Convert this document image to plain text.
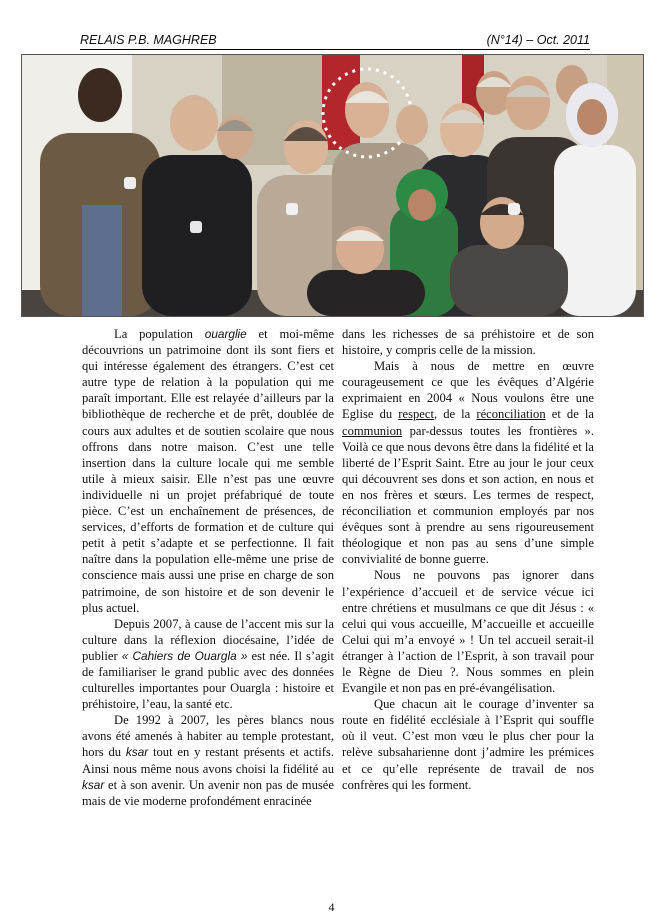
RELAIS P.B. MAGHREB	(N°14) – Oct. 2011

La population ouarglie et moi-même découvrions un patrimoine dont ils sont fiers et qui intéresse également des étrangers. C’est cet autre type de relation à la population qui me paraît important. Elle est relayée d’ailleurs par la bibliothèque de recherche et de prêt, doublée de cours aux adultes et de soutien scolaire que nous offrons dans notre maison. C’est une telle insertion dans la culture locale qui me semble utile à mieux saisir. Elle n’est pas une œuvre individuelle ni un projet préfabriqué de toute pièce. C’est un enchaînement de présences, de services, d’efforts de formation et de culture qui petit à petit s’adapte et se perfectionne. Il fait naître dans la population elle-même une prise de conscience mais aussi une prise en charge de son patrimoine, de son histoire et de son devenir le plus actuel.

Depuis 2007, à cause de l’accent mis sur la culture dans la réflexion diocésaine, l’idée de publier « Cahiers de Ouargla » est née. Il s’agit de familiariser le grand public avec des données culturelles importantes pour Ouargla : histoire et préhistoire, l’eau, la santé etc.

De 1992 à 2007, les pères blancs nous avons été amenés à habiter au temple protestant, hors du ksar tout en y restant présents et actifs. Ainsi nous même nous avons choisi la fidélité au ksar et à son avenir. Un avenir non pas de musée mais de vie moderne profondément enracinée

dans les richesses de sa préhistoire et de son histoire, y compris celle de la mission.

Mais à nous de mettre en œuvre courageusement ce que les évêques d’Algérie exprimaient en 2004 « Nous voulons être une Eglise du respect, de la réconciliation et de la communion par-dessus toutes les frontières ». Voilà ce que nous devons être dans la fidélité et la liberté de l’Esprit Saint. Etre au jour le jour ceux qui découvrent ses dons et son action, en nous et en nos frères et sœurs. Les termes de respect, réconciliation et communion employés par nos évêques sont à prendre au sens rigoureusement théologique et non pas au sens d’une simple convivialité de bonne guerre.

Nous ne pouvons pas ignorer dans l’expérience d’accueil et de service vécue ici entre chrétiens et musulmans ce que dit Jésus : « celui qui vous accueille, M’accueille et accueille Celui qui m’a envoyé » ! Un tel accueil serait-il étranger à l’action de l’Esprit, à son travail pour le Règne de Dieu ?. Nous sommes en plein Evangile et non pas en pré-évangélisation.

Que chacun ait le courage d’inventer sa route en fidélité ecclésiale à l’Esprit qui souffle où il veut. C’est mon vœu le plus cher pour la relève subsaharienne dont j’admire les prémices et ce qu’elle représente de travail de nos confrères qui les forment.

4
